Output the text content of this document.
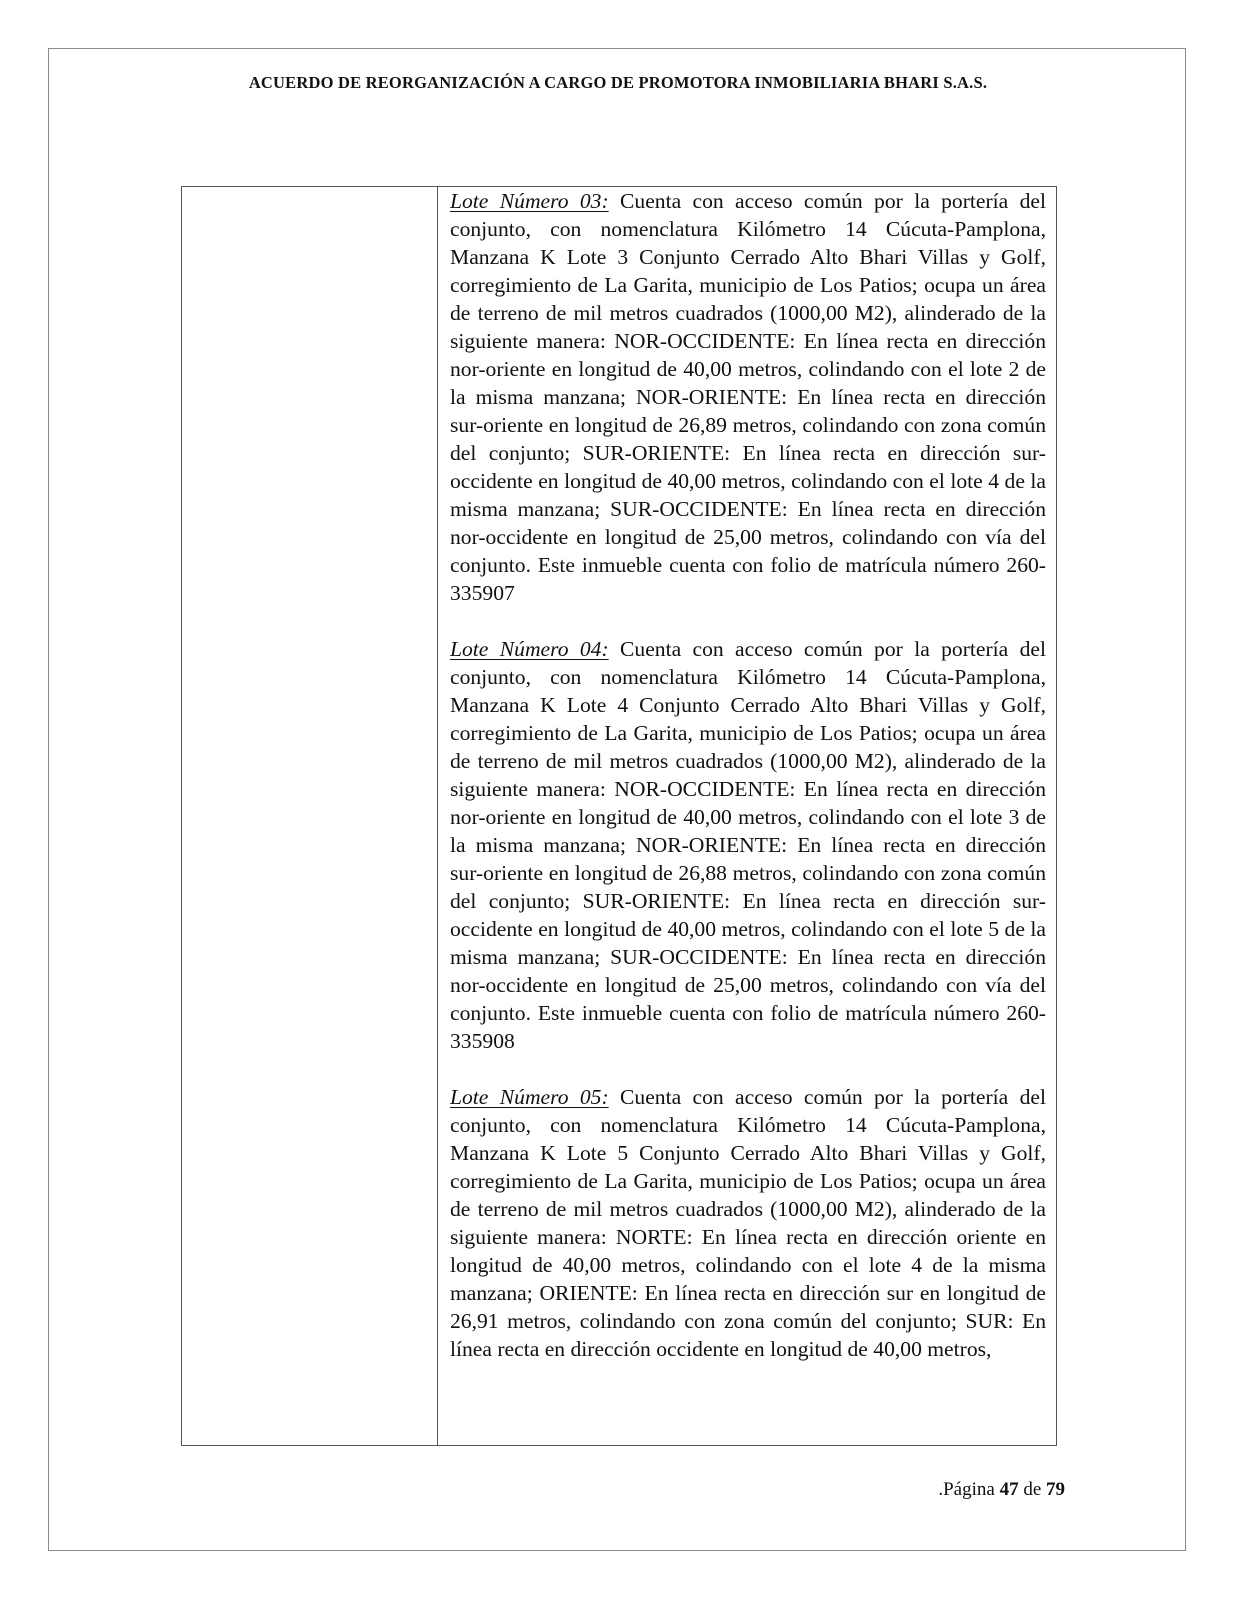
ACUERDO DE REORGANIZACIÓN A CARGO DE PROMOTORA INMOBILIARIA BHARI S.A.S.

Lote Número 03: Cuenta con acceso común por la portería del conjunto, con nomenclatura Kilómetro 14 Cúcuta-Pamplona, Manzana K Lote 3 Conjunto Cerrado Alto Bhari Villas y Golf, corregimiento de La Garita, municipio de Los Patios; ocupa un área de terreno de mil metros cuadrados (1000,00 M2), alinderado de la siguiente manera: NOR-OCCIDENTE: En línea recta en dirección nor-oriente en longitud de 40,00 metros, colindando con el lote 2 de la misma manzana; NOR-ORIENTE: En línea recta en dirección sur-oriente en longitud de 26,89 metros, colindando con zona común del conjunto; SUR-ORIENTE: En línea recta en dirección sur-occidente en longitud de 40,00 metros, colindando con el lote 4 de la misma manzana; SUR-OCCIDENTE: En línea recta en dirección nor-occidente en longitud de 25,00 metros, colindando con vía del conjunto. Este inmueble cuenta con folio de matrícula número 260-335907

Lote Número 04: Cuenta con acceso común por la portería del conjunto, con nomenclatura Kilómetro 14 Cúcuta-Pamplona, Manzana K Lote 4 Conjunto Cerrado Alto Bhari Villas y Golf, corregimiento de La Garita, municipio de Los Patios; ocupa un área de terreno de mil metros cuadrados (1000,00 M2), alinderado de la siguiente manera: NOR-OCCIDENTE: En línea recta en dirección nor-oriente en longitud de 40,00 metros, colindando con el lote 3 de la misma manzana; NOR-ORIENTE: En línea recta en dirección sur-oriente en longitud de 26,88 metros, colindando con zona común del conjunto; SUR-ORIENTE: En línea recta en dirección sur-occidente en longitud de 40,00 metros, colindando con el lote 5 de la misma manzana; SUR-OCCIDENTE: En línea recta en dirección nor-occidente en longitud de 25,00 metros, colindando con vía del conjunto. Este inmueble cuenta con folio de matrícula número 260-335908

Lote Número 05: Cuenta con acceso común por la portería del conjunto, con nomenclatura Kilómetro 14 Cúcuta-Pamplona, Manzana K Lote 5 Conjunto Cerrado Alto Bhari Villas y Golf, corregimiento de La Garita, municipio de Los Patios; ocupa un área de terreno de mil metros cuadrados (1000,00 M2), alinderado de la siguiente manera: NORTE: En línea recta en dirección oriente en longitud de 40,00 metros, colindando con el lote 4 de la misma manzana; ORIENTE: En línea recta en dirección sur en longitud de 26,91 metros, colindando con zona común del conjunto; SUR: En línea recta en dirección occidente en longitud de 40,00 metros,

.Página 47 de 79
